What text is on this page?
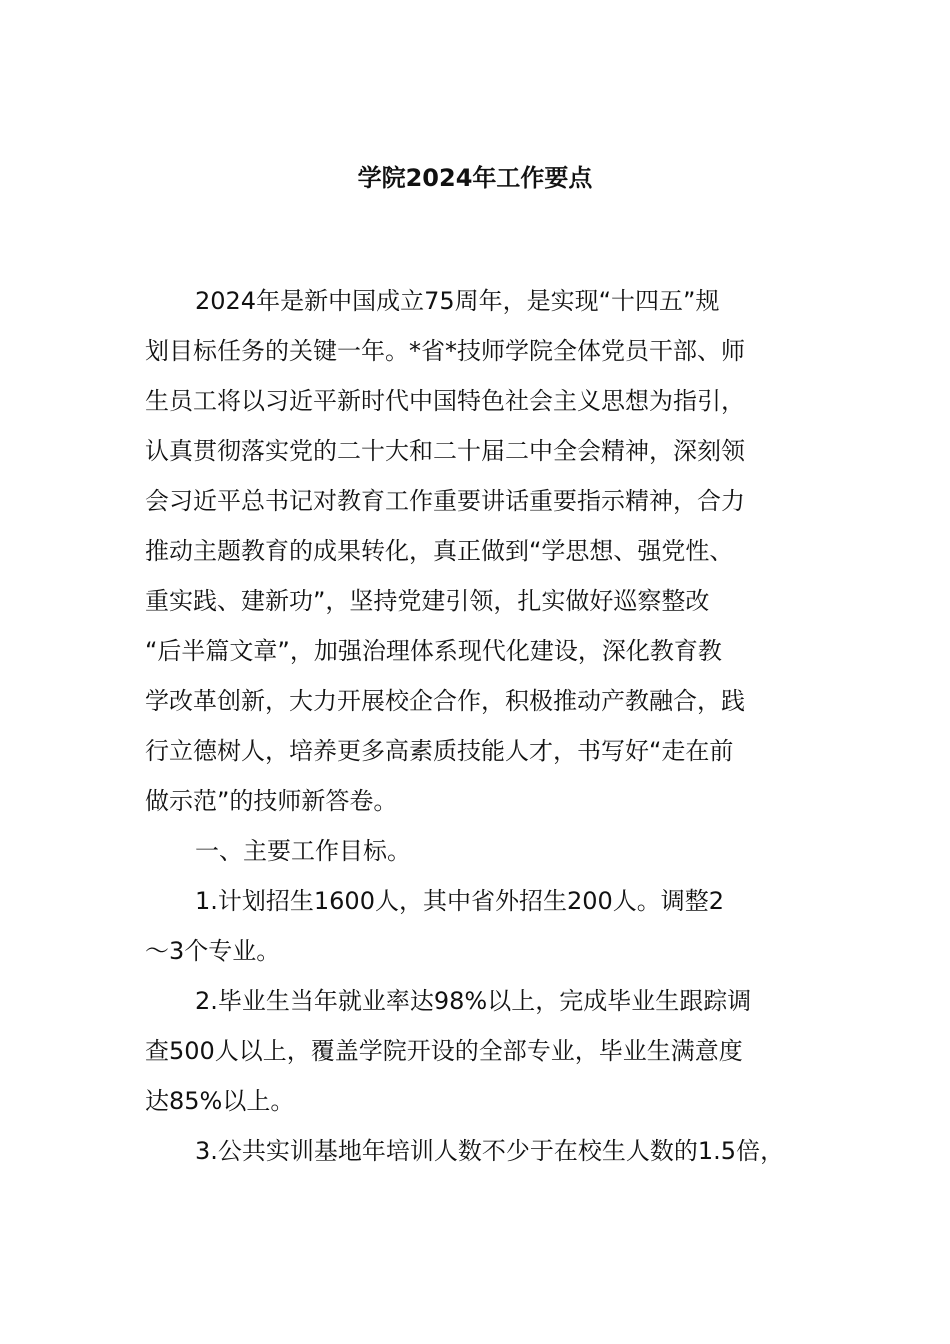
学院2024年工作要点

2024年是新中国成立75周年，是实现“十四五”规

划目标任务的关键一年。*省*技师学院全体党员干部、师

生员工将以习近平新时代中国特色社会主义思想为指引，

认真贯彻落实党的二十大和二十届二中全会精神，深刻领

会习近平总书记对教育工作重要讲话重要指示精神，合力

推动主题教育的成果转化，真正做到“学思想、强党性、

重实践、建新功”，坚持党建引领，扎实做好巡察整改

“后半篇文章”，加强治理体系现代化建设，深化教育教

学改革创新，大力开展校企合作，积极推动产教融合，践

行立德树人，培养更多高素质技能人才，书写好“走在前

做示范”的技师新答卷。

一、主要工作目标。

1.计划招生1600人，其中省外招生200人。调整2

～3个专业。

2.毕业生当年就业率达98%以上，完成毕业生跟踪调

查500人以上，覆盖学院开设的全部专业，毕业生满意度

达85%以上。

3.公共实训基地年培训人数不少于在校生人数的1.5倍，
